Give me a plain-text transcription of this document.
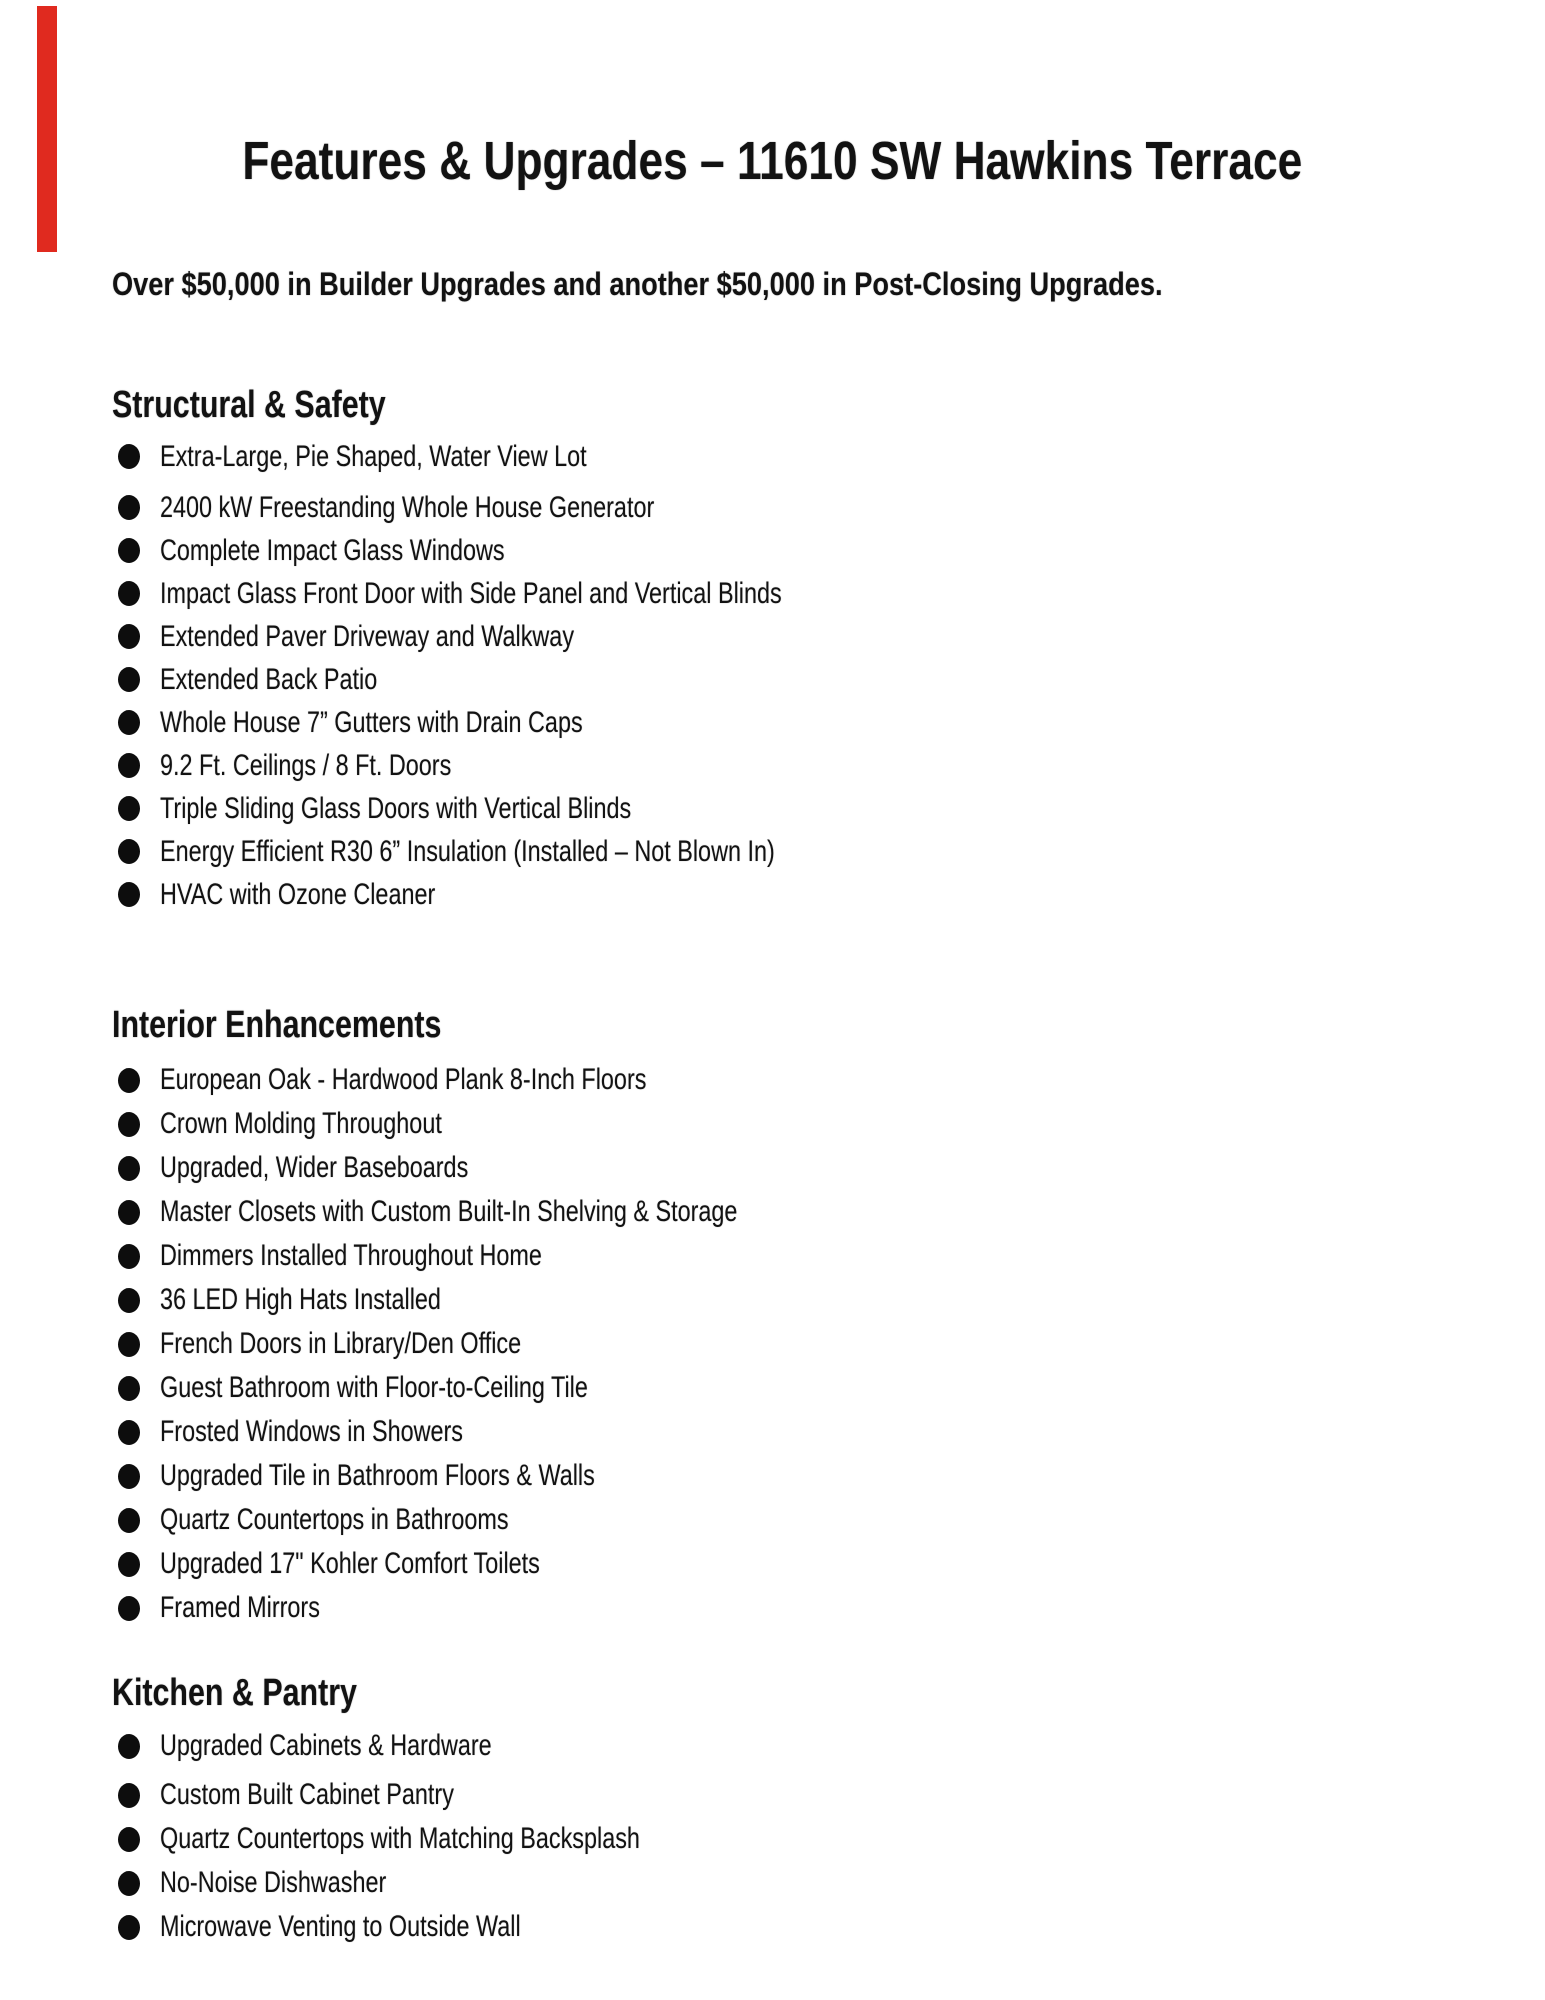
Features & Upgrades – 11610 SW Hawkins Terrace

Over $50,000 in Builder Upgrades and another $50,000 in Post-Closing Upgrades.

Structural & Safety
Extra-Large, Pie Shaped, Water View Lot
2400 kW Freestanding Whole House Generator
Complete Impact Glass Windows
Impact Glass Front Door with Side Panel and Vertical Blinds
Extended Paver Driveway and Walkway
Extended Back Patio
Whole House 7” Gutters with Drain Caps
9.2 Ft. Ceilings / 8 Ft. Doors
Triple Sliding Glass Doors with Vertical Blinds
Energy Efficient R30 6” Insulation (Installed – Not Blown In)
HVAC with Ozone Cleaner
Interior Enhancements
European Oak - Hardwood Plank 8-Inch Floors
Crown Molding Throughout
Upgraded, Wider Baseboards
Master Closets with Custom Built-In Shelving & Storage
Dimmers Installed Throughout Home
36 LED High Hats Installed
French Doors in Library/Den Office
Guest Bathroom with Floor-to-Ceiling Tile
Frosted Windows in Showers
Upgraded Tile in Bathroom Floors & Walls
Quartz Countertops in Bathrooms
Upgraded 17" Kohler Comfort Toilets
Framed Mirrors
Kitchen & Pantry
Upgraded Cabinets & Hardware
Custom Built Cabinet Pantry
Quartz Countertops with Matching Backsplash
No-Noise Dishwasher
Microwave Venting to Outside Wall
